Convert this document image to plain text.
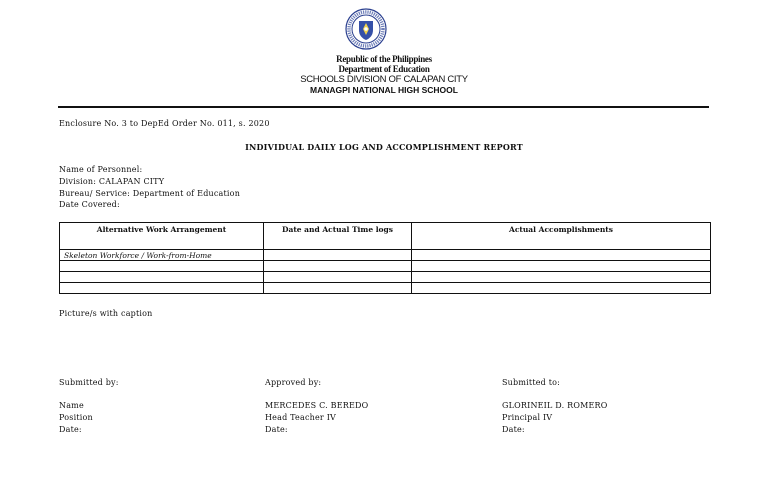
Republic of the Philippines
Department of Education
SCHOOLS DIVISION OF CALAPAN CITY
MANAGPI NATIONAL HIGH SCHOOL
Enclosure No. 3 to DepEd Order No. 011, s. 2020
INDIVIDUAL DAILY LOG AND ACCOMPLISHMENT REPORT
Name of Personnel:
Division: CALAPAN CITY
Bureau/ Service: Department of Education
Date Covered:
Alternative Work Arrangement	Date and Actual Time logs	Actual Accomplishments
Skeleton Workforce / Work-from-Home		

Picture/s with caption
Submitted by:
Name
Position
Date:
Approved by:
MERCEDES C. BEREDO
Head Teacher IV
Date:
Submitted to:
GLORINEIL D. ROMERO
Principal IV
Date:
